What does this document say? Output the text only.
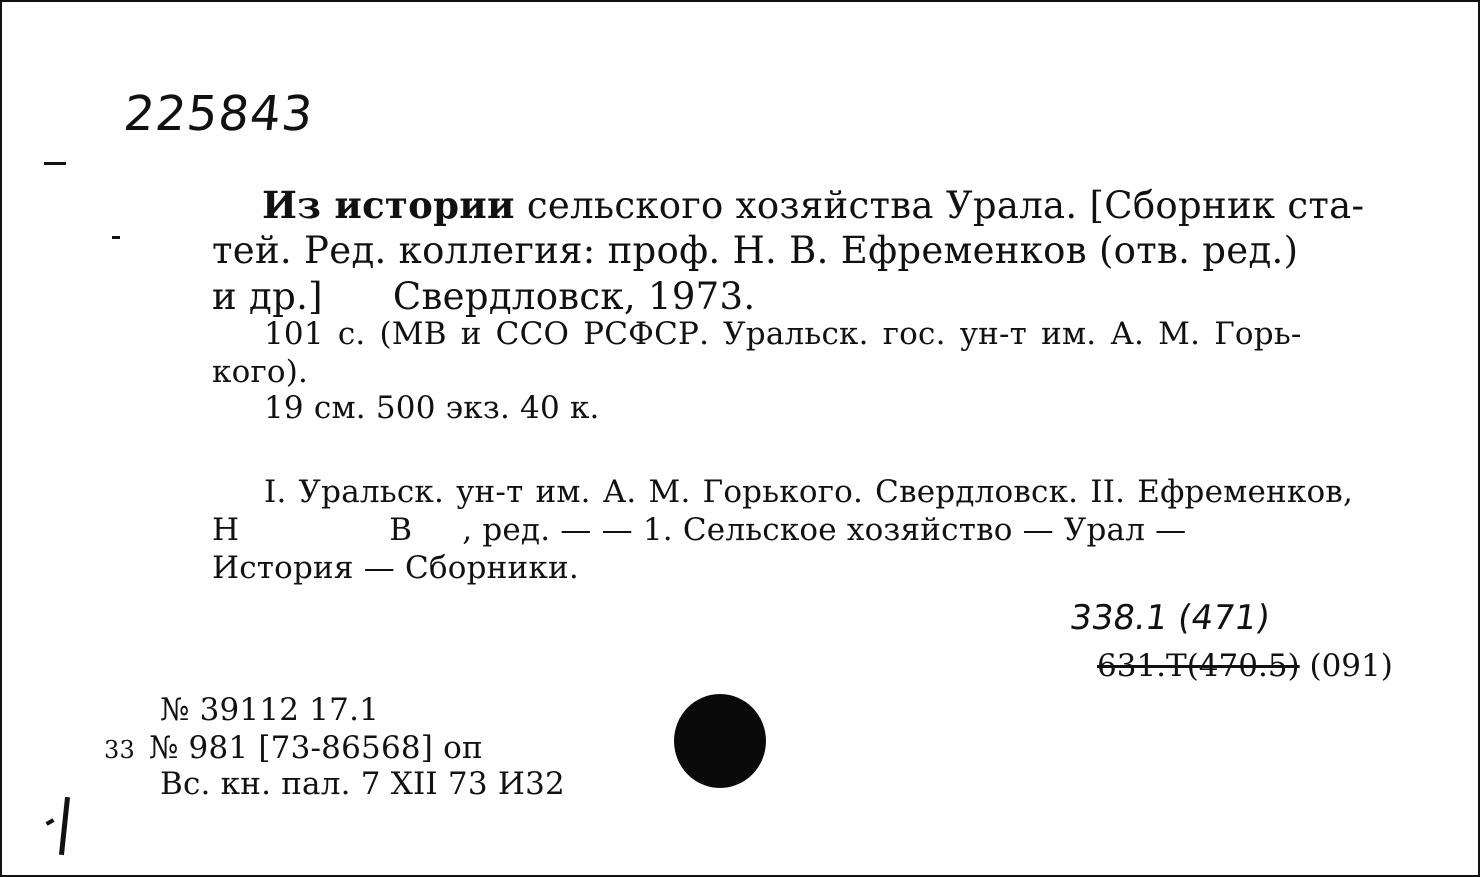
225843
Из истории сельского хозяйства Урала. [Сборник ста-
тей. Ред. коллегия: проф. Н. В. Ефременков (отв. ред.)
и др.] Свердловск, 1973.
101 с. (МВ и ССО РСФСР. Уральск. гос. ун-т им. А. М. Горь-
кого).
19 см. 500 экз. 40 к.
I. Уральск. ун-т им. А. М. Горького. Свердловск. II. Ефременков,
Н	В , ред. — — 1. Сельское хозяйство — Урал —
История — Сборники.
338.1 (471)
631.Т(470.5) (091)
№ 39112 17.1
33 № 981 [73-86568] оп
Вс. кн. пал. 7 XII 73 И32
